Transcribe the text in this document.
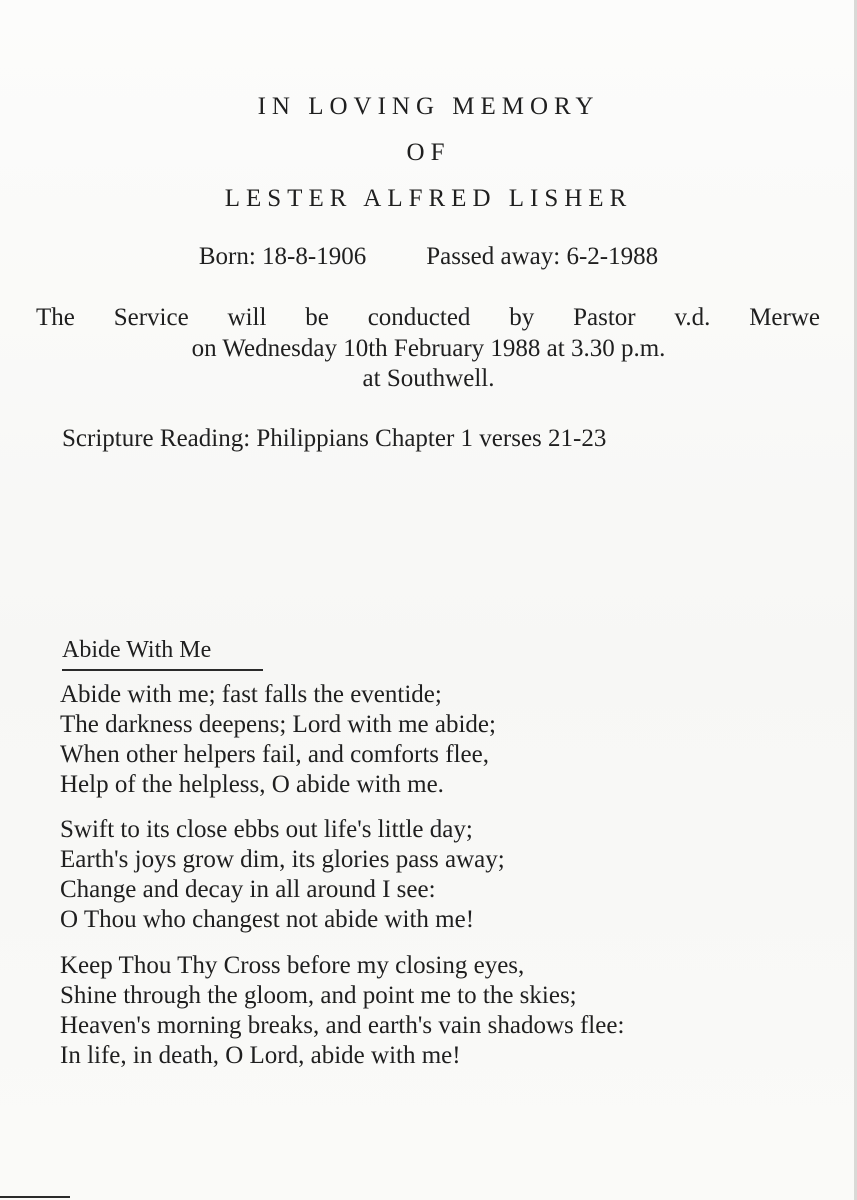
IN LOVING MEMORY

OF

LESTER ALFRED LISHER

Born: 18-8-1906 Passed away: 6-2-1988

The Service will be conducted by Pastor v.d. Merwe

on Wednesday 10th February 1988 at 3.30 p.m.

at Southwell.

Scripture Reading: Philippians Chapter 1 verses 21-23

Abide With Me

Abide with me; fast falls the eventide;
The darkness deepens; Lord with me abide;
When other helpers fail, and comforts flee,
Help of the helpless, O abide with me.
Swift to its close ebbs out life's little day;
Earth's joys grow dim, its glories pass away;
Change and decay in all around I see:
O Thou who changest not abide with me!
Keep Thou Thy Cross before my closing eyes,
Shine through the gloom, and point me to the skies;
Heaven's morning breaks, and earth's vain shadows flee:
In life, in death, O Lord, abide with me!
